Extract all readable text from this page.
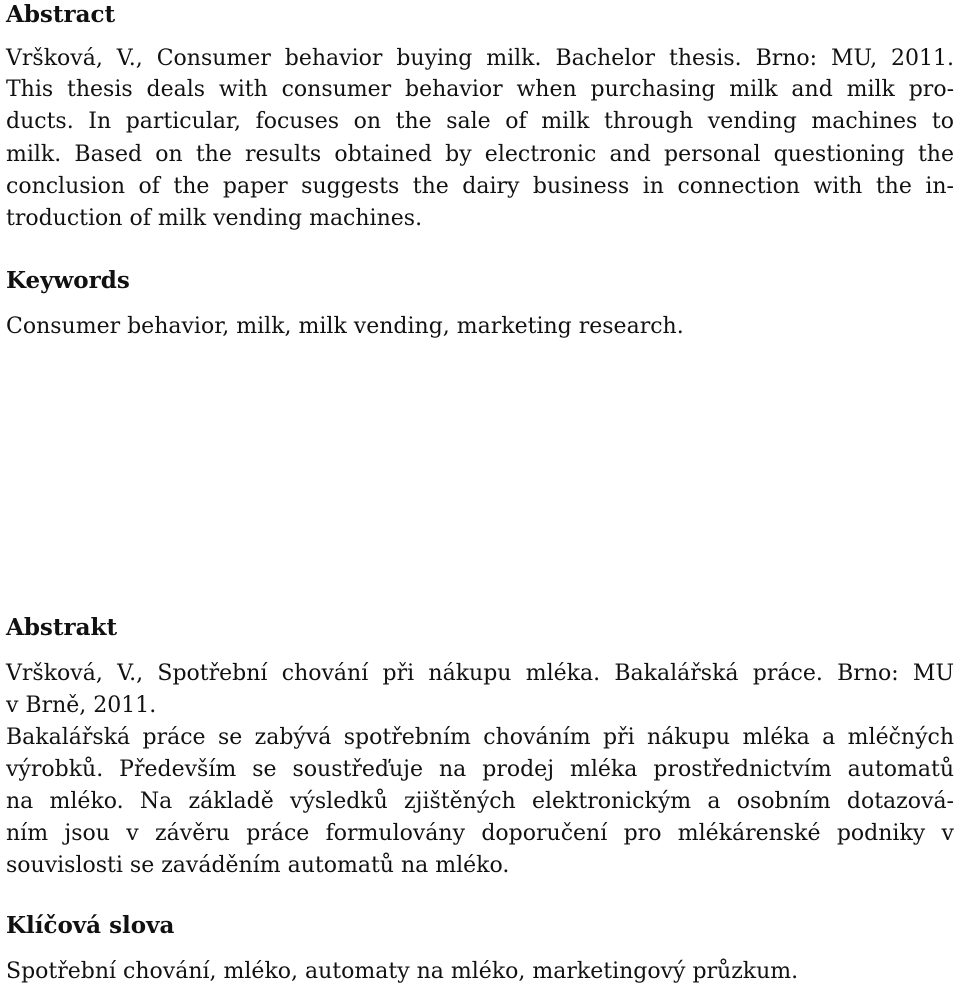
Abstract

Vršková, V., Consumer behavior buying milk. Bachelor thesis. Brno: MU, 2011.

This thesis deals with consumer behavior when purchasing milk and milk pro-

ducts. In particular, focuses on the sale of milk through vending machines to

milk. Based on the results obtained by electronic and personal questioning the

conclusion of the paper suggests the dairy business in connection with the in-

troduction of milk vending machines.

Keywords

Consumer behavior, milk, milk vending, marketing research.

Abstrakt

Vršková, V., Spotřební chování při nákupu mléka. Bakalářská práce. Brno: MU

v Brně, 2011.

Bakalářská práce se zabývá spotřebním chováním při nákupu mléka a mléčných

výrobků. Především se soustřeďuje na prodej mléka prostřednictvím automatů

na mléko. Na základě výsledků zjištěných elektronickým a osobním dotazová-

ním jsou v závěru práce formulovány doporučení pro mlékárenské podniky v

souvislosti se zaváděním automatů na mléko.

Klíčová slova

Spotřební chování, mléko, automaty na mléko, marketingový průzkum.
